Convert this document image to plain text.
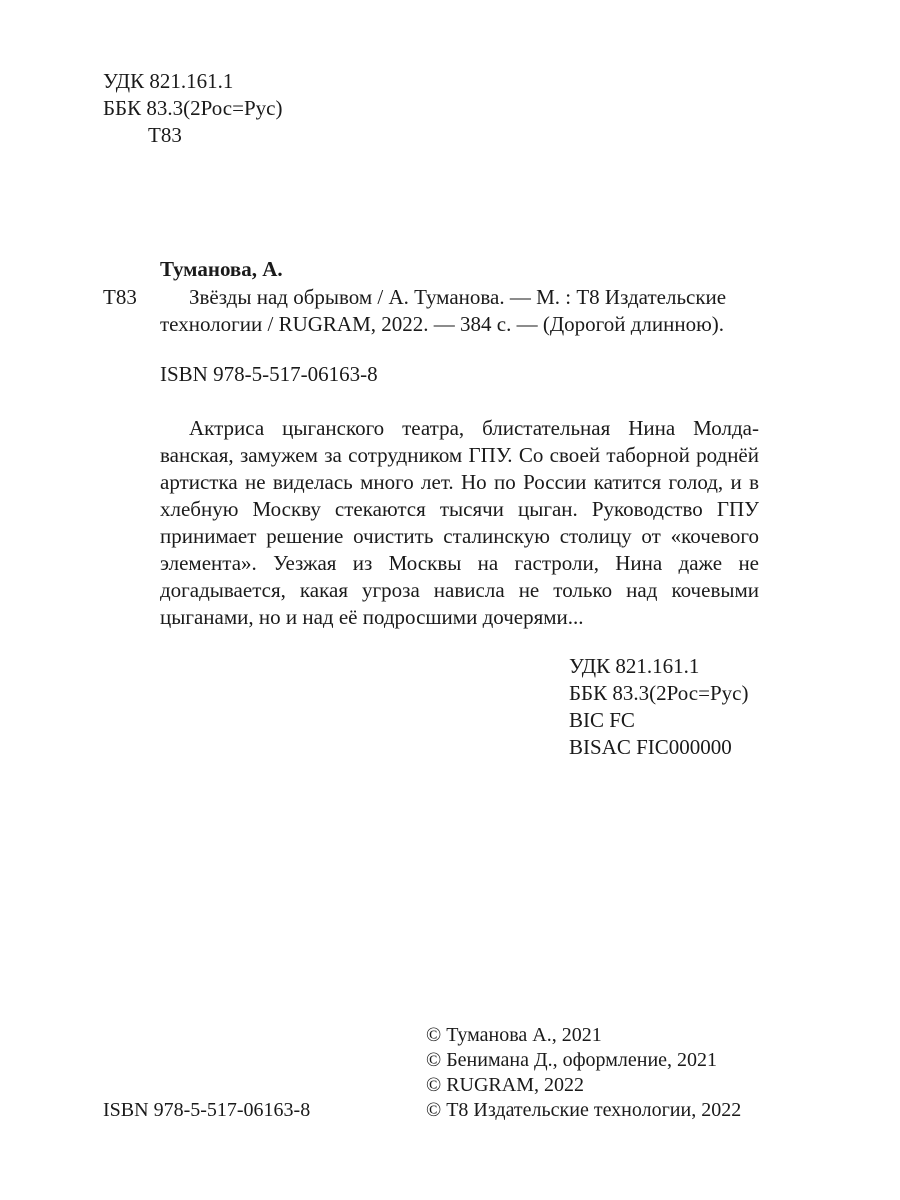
УДК 821.161.1
ББК 83.3(2Рос=Рус)
Т83
Туманова, А.
Т83 Звёзды над обрывом / А. Туманова. — М. : Т8 Издательские
технологии / RUGRAM, 2022. — 384 с. — (Дорогой длинною).
ISBN 978-5-517-06163-8
Актриса цыганского театра, блистательная Нина Молдаванская, замужем за сотрудником ГПУ. Со своей таборной роднёй артистка не виделась много лет. Но по России катится голод, и в хлебную Москву стекаются тысячи цыган. Руководство ГПУ принимает решение очистить сталинскую столицу от «кочевого элемента». Уезжая из Москвы на гастроли, Нина даже не догадывается, какая угроза нависла не только над кочевыми цыганами, но и над её подросшими дочерями...
УДК 821.161.1
ББК 83.3(2Рос=Рус)
BIC FC
BISAC FIC000000
© Туманова А., 2021
© Бенимана Д., оформление, 2021
© RUGRAM, 2022
© Т8 Издательские технологии, 2022
ISBN 978-5-517-06163-8
